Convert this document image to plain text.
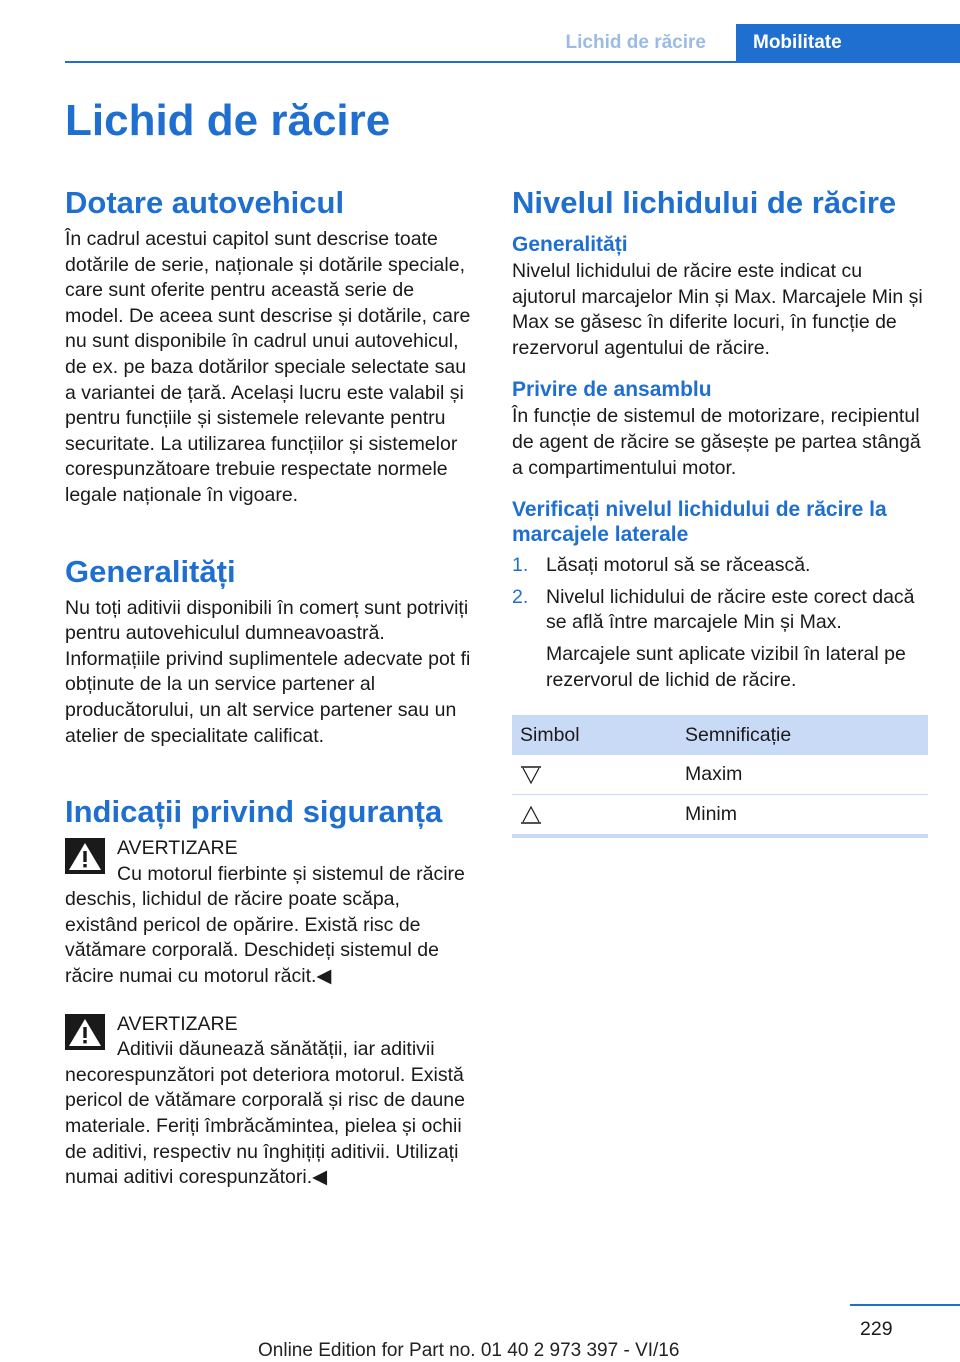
Lichid de răcire	Mobilitate
Lichid de răcire
Dotare autovehicul

În cadrul acestui capitol sunt descrise toate dotările de serie, naționale și dotările speciale, care sunt oferite pentru această serie de model. De aceea sunt descrise și dotările, care nu sunt disponibile în cadrul unui autovehicul, de ex. pe baza dotărilor speciale selectate sau a variantei de țară. Același lucru este valabil și pentru funcțiile și sistemele relevante pentru securitate. La utilizarea funcțiilor și sistemelor corespunzătoare trebuie respectate normele legale naționale în vigoare.

Generalități

Nu toți aditivii disponibili în comerț sunt potriviți pentru autovehiculul dumneavoastră. Informațiile privind suplimentele adecvate pot fi obținute de la un service partener al producătorului, un alt service partener sau un atelier de specialitate calificat.

Indicații privind siguranța
AVERTIZARE

Cu motorul fierbinte și sistemul de răcire deschis, lichidul de răcire poate scăpa, existând pericol de opărire. Există risc de vătămare corporală. Deschideți sistemul de răcire numai cu motorul răcit.◀

AVERTIZARE

Aditivii dăunează sănătății, iar aditivii necorespunzători pot deteriora motorul. Există pericol de vătămare corporală și risc de daune materiale. Feriți îmbrăcămintea, pielea și ochii de aditivi, respectiv nu înghițiți aditivii. Utilizați numai aditivi corespunzători.◀

Nivelul lichidului de răcire
Generalități

Nivelul lichidului de răcire este indicat cu ajutorul marcajelor Min și Max. Marcajele Min și Max se găsesc în diferite locuri, în funcție de rezervorul agentului de răcire.

Privire de ansamblu

În funcție de sistemul de motorizare, recipientul de agent de răcire se găsește pe partea stângă a compartimentului motor.

Verificați nivelul lichidului de răcire la marcajele laterale
1. Lăsați motorul să se răcească.
2. Nivelul lichidului de răcire este corect dacă se află între marcajele Min și Max.
Marcajele sunt aplicate vizibil în lateral pe rezervorul de lichid de răcire.
Simbol	Semnificație
	Maxim
	Minim
229
Online Edition for Part no. 01 40 2 973 397 - VI/16
